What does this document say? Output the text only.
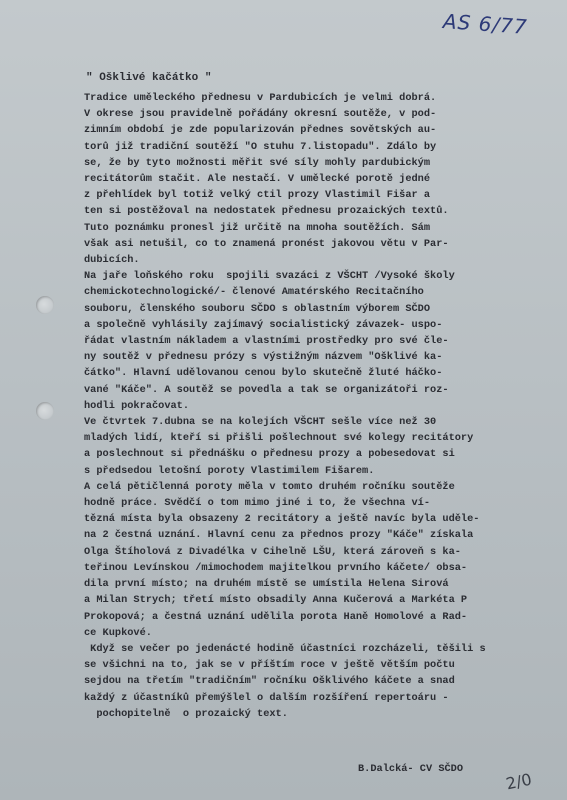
AS 6/77
" Ošklivé kačátko "
Tradice uměleckého přednesu v Pardubicích je velmi dobrá.
V okrese jsou pravidelně pořádány okresní soutěže, v pod-
zimním období je zde popularizován přednes sovětských au-
torů již tradiční soutěží "O stuhu 7.listopadu". Zdálo by
se, že by tyto možnosti měřit své síly mohly pardubickým
recitátorům stačit. Ale nestačí. V umělecké porotě jedné
z přehlídek byl totiž velký ctil prozy Vlastimil Fišar a
ten si postěžoval na nedostatek přednesu prozaických textů.
Tuto poznámku pronesl již určitě na mnoha soutěžích. Sám
však asi netušil, co to znamená pronést jakovou větu v Par-
dubicích.
Na jaře loňského roku  spojili svazáci z VŠCHT /Vysoké školy
chemickotechnologické/- členové Amatérského Recitačního
souboru, členského souboru SČDO s oblastním výborem SČDO
a společně vyhlásily zajímavý socialistický závazek- uspo-
řádat vlastním nákladem a vlastními prostředky pro své čle-
ny soutěž v přednesu prózy s výstižným názvem "Ošklivé ka-
čátko". Hlavní udělovanou cenou bylo skutečně žluté háčko-
vané "Káče". A soutěž se povedla a tak se organizátoři roz-
hodli pokračovat.
Ve čtvrtek 7.dubna se na kolejích VŠCHT sešle více než 30
mladých lidí, kteří si přišli pošlechnout své kolegy recitátory
a poslechnout si přednášku o přednesu prozy a pobesedovat si
s předsedou letošní poroty Vlastimilem Fišarem.
A celá pětičlenná poroty měla v tomto druhém ročníku soutěže
hodně práce. Svědčí o tom mimo jiné i to, že všechna ví-
tězná místa byla obsazeny 2 recitátory a ještě navíc byla uděle-
na 2 čestná uznání. Hlavní cenu za přednos prozy "Káče" získala
Olga Štíholová z Divadélka v Cihelně LŠU, která zároveň s ka-
teřinou Levínskou /mimochodem majitelkou prvního káčete/ obsa-
dila první místo; na druhém místě se umístila Helena Sirová
a Milan Strych; třetí místo obsadily Anna Kučerová a Markéta P
Prokopová; a čestná uznání udělila porota Haně Homolové a Rad-
ce Kupkové.
Když se večer po jedenácté hodině účastníci rozcházeli, těšili s
se všichni na to, jak se v příštím roce v ještě větším počtu
sejdou na třetím "tradičním" ročníku Ošklivého káčete a snad
každý z účastníků přemýšlel o dalším rozšíření repertoáru -
pochopitelně  o prozaický text.
B.Dalcká- CV SČDO
2/0
